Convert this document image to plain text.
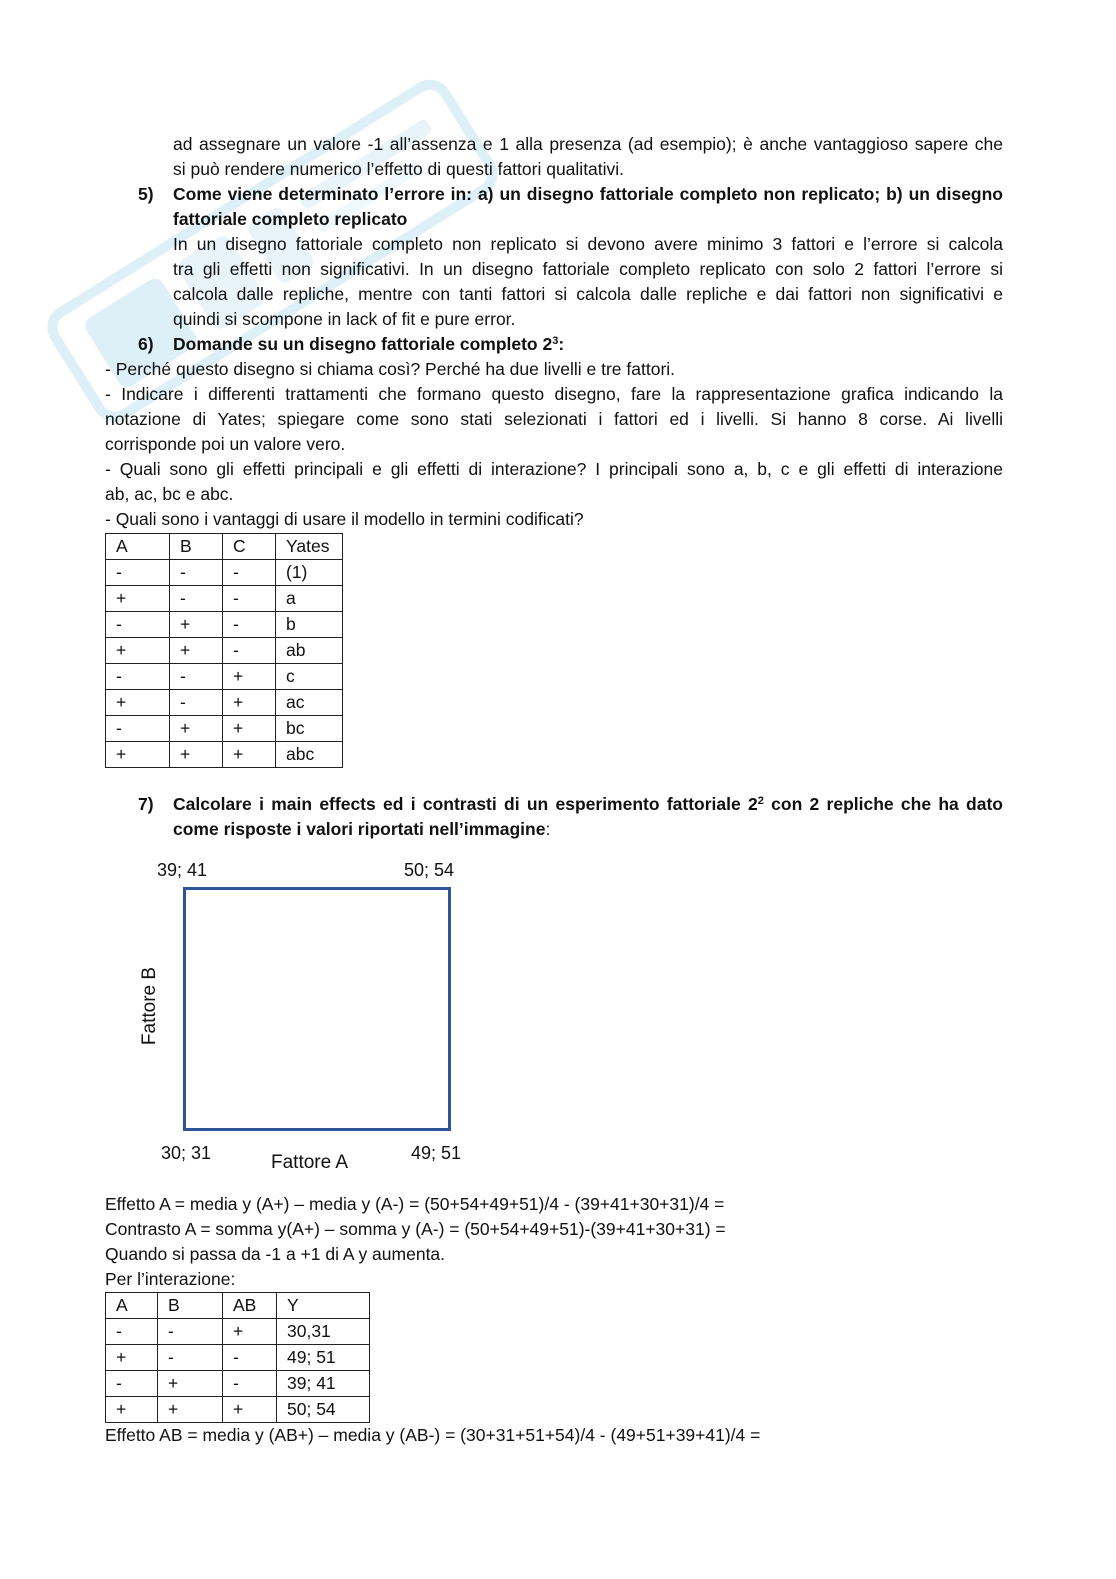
ad assegnare un valore -1 all’assenza e 1 alla presenza (ad esempio); è anche vantaggioso sapere che

si può rendere numerico l’effetto di questi fattori qualitativi.

5) Come viene determinato l’errore in: a) un disegno fattoriale completo non replicato; b) un disegno

fattoriale completo replicato

In un disegno fattoriale completo non replicato si devono avere minimo 3 fattori e l’errore si calcola

tra gli effetti non significativi. In un disegno fattoriale completo replicato con solo 2 fattori l’errore si

calcola dalle repliche, mentre con tanti fattori si calcola dalle repliche e dai fattori non significativi e

quindi si scompone in lack of fit e pure error.

6) Domande su un disegno fattoriale completo $2^3$:

- Perché questo disegno si chiama così? Perché ha due livelli e tre fattori.

- Indicare i differenti trattamenti che formano questo disegno, fare la rappresentazione grafica indicando la

notazione di Yates; spiegare come sono stati selezionati i fattori ed i livelli. Si hanno 8 corse. Ai livelli

corrisponde poi un valore vero.

- Quali sono gli effetti principali e gli effetti di interazione? I principali sono a, b, c e gli effetti di interazione

ab, ac, bc e abc.

- Quali sono i vantaggi di usare il modello in termini codificati?

A	B	C	Yates
-	-	-	(1)
+	-	-	a
-	+	-	b
+	+	-	ab
-	-	+	c
+	-	+	ac
-	+	+	bc
+	+	+	abc
7) Calcolare i main effects ed i contrasti di un esperimento fattoriale $2^2$ con 2 repliche che ha dato

come risposte i valori riportati nell’immagine:

39; 41	50; 54
Fattore B
30; 31	Fattore A	49; 51

Effetto A = media y (A+) – media y (A-) = (50+54+49+51)/4 - (39+41+30+31)/4 =

Contrasto A = somma y(A+) – somma y (A-) = (50+54+49+51)-(39+41+30+31) =

Quando si passa da -1 a +1 di A y aumenta.

Per l’interazione:

A	B	AB	Y
-	-	+	30,31
+	-	-	49; 51
-	+	-	39; 41
+	+	+	50; 54

Effetto AB = media y (AB+) – media y (AB-) = (30+31+51+54)/4 - (49+51+39+41)/4 =
